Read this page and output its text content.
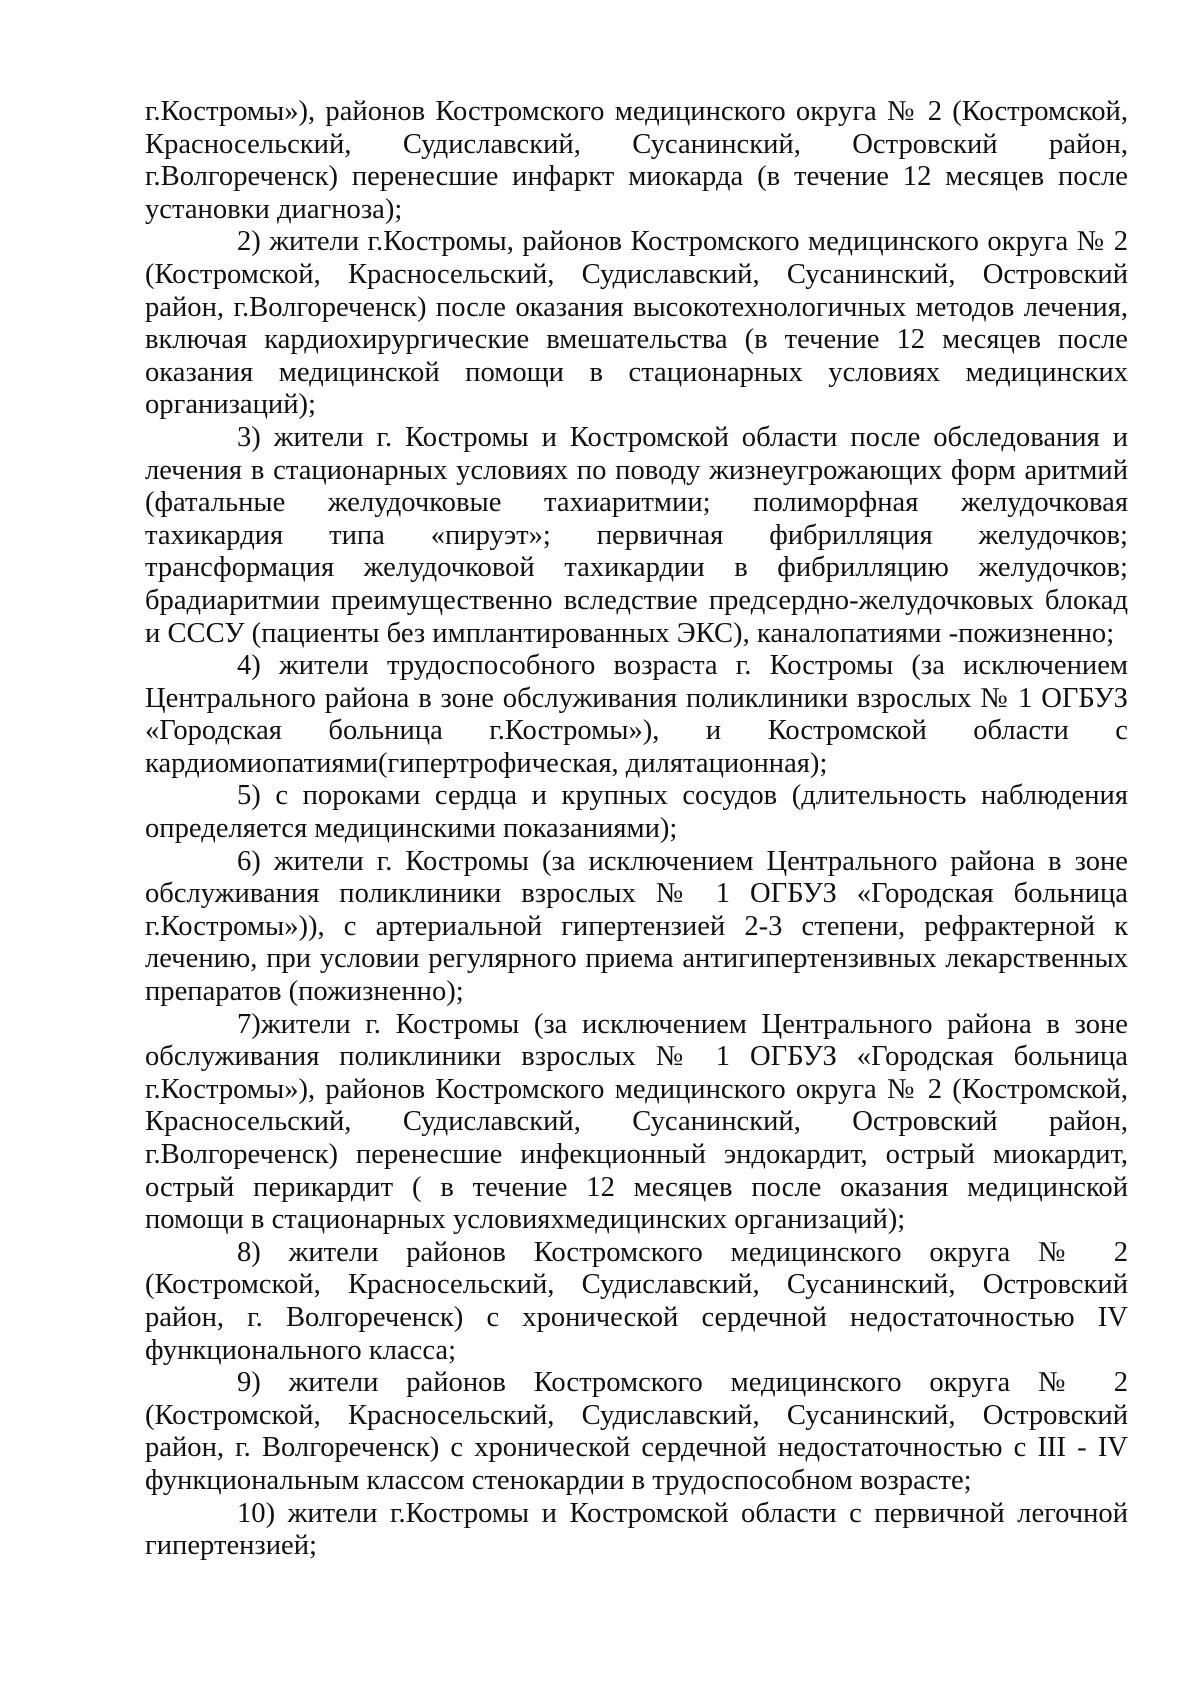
г.Костромы»), районов Костромского медицинского округа № 2 (Костромской, Красносельский, Судиславский, Сусанинский, Островский район, г.Волгореченск) перенесшие инфаркт миокарда (в течение 12 месяцев после установки диагноза);

2) жители г.Костромы, районов Костромского медицинского округа № 2 (Костромской, Красносельский, Судиславский, Сусанинский, Островский район, г.Волгореченск) после оказания высокотехнологичных методов лечения, включая кардиохирургические вмешательства (в течение 12 месяцев после оказания медицинской помощи в стационарных условиях медицинских организаций);

3) жители г. Костромы и Костромской области после обследования и лечения в стационарных условиях по поводу жизнеугрожающих форм аритмий (фатальные желудочковые тахиаритмии; полиморфная желудочковая тахикардия типа «пируэт»; первичная фибрилляция желудочков; трансформация желудочковой тахикардии в фибрилляцию желудочков; брадиаритмии преимущественно вследствие предсердно-желудочковых блокад и СССУ (пациенты без имплантированных ЭКС), каналопатиями -пожизненно;

4) жители трудоспособного возраста г. Костромы (за исключением Центрального района в зоне обслуживания поликлиники взрослых № 1 ОГБУЗ «Городская больница г.Костромы»), и Костромской области с кардиомиопатиями(гипертрофическая, дилятационная);

5) с пороками сердца и крупных сосудов (длительность наблюдения определяется медицинскими показаниями);

6) жители г. Костромы (за исключением Центрального района в зоне обслуживания поликлиники взрослых № 1 ОГБУЗ «Городская больница г.Костромы»)), с артериальной гипертензией 2-3 степени, рефрактерной к лечению, при условии регулярного приема антигипертензивных лекарственных препаратов (пожизненно);

7)жители г. Костромы (за исключением Центрального района в зоне обслуживания поликлиники взрослых № 1 ОГБУЗ «Городская больница г.Костромы»), районов Костромского медицинского округа № 2 (Костромской, Красносельский, Судиславский, Сусанинский, Островский район, г.Волгореченск) перенесшие инфекционный эндокардит, острый миокардит, острый перикардит ( в течение 12 месяцев после оказания медицинской помощи в стационарных условияхмедицинских организаций);

8) жители районов Костромского медицинского округа № 2 (Костромской, Красносельский, Судиславский, Сусанинский, Островский район, г. Волгореченск) с хронической сердечной недостаточностью IV функционального класса;

9) жители районов Костромского медицинского округа № 2 (Костромской, Красносельский, Судиславский, Сусанинский, Островский район, г. Волгореченск) с хронической сердечной недостаточностью с III - IV функциональным классом стенокардии в трудоспособном возрасте;

10) жители г.Костромы и Костромской области с первичной легочной гипертензией;
